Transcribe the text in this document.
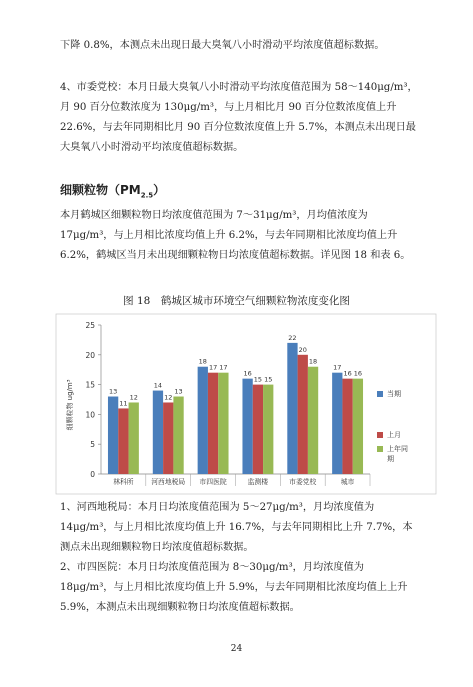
下降 0.8%，本测点未出现日最大臭氧八小时滑动平均浓度值超标数据。

4、市委党校：本月日最大臭氧八小时滑动平均浓度值范围为 58～140μg/m³，月 90 百分位数浓度为 130μg/m³，与上月相比月 90 百分位数浓度值上升 22.6%，与去年同期相比月 90 百分位数浓度值上升 5.7%，本测点未出现日最大臭氧八小时滑动平均浓度值超标数据。

细颗粒物$(PM_{2.5})$

本月鹤城区细颗粒物日均浓度值范围为 7～31μg/m³，月均值浓度为 17μg/m³，与上月相比浓度均值上升 6.2%，与去年同期相比浓度均值上升 6.2%，鹤城区当月未出现细颗粒物日均浓度值超标数据。详见图 18 和表 6。

图 18　鹤城区城市环境空气细颗粒物浓度变化图
0
5
10
15
20
25
13
11
12
林科所
14
12
13
河西地税局
18
17 17
市四医院
16
15 15
监测楼
22
20
18
市委党校
17
16 16
城市
当期
上月
上年同
期
细颗粒物 ug/m³

1、河西地税局：本月日均浓度值范围为 5～27μg/m³，月均浓度值为 14μg/m³，与上月相比浓度均值上升 16.7%，与去年同期相比上升 7.7%，本测点未出现细颗粒物日均浓度值超标数据。

2、市四医院：本月日均浓度值范围为 8～30μg/m³，月均浓度值为 18μg/m³，与上月相比浓度均值上升 5.9%，与去年同期相比浓度均值上上升 5.9%，本测点未出现细颗粒物日均浓度值超标数据。

24
